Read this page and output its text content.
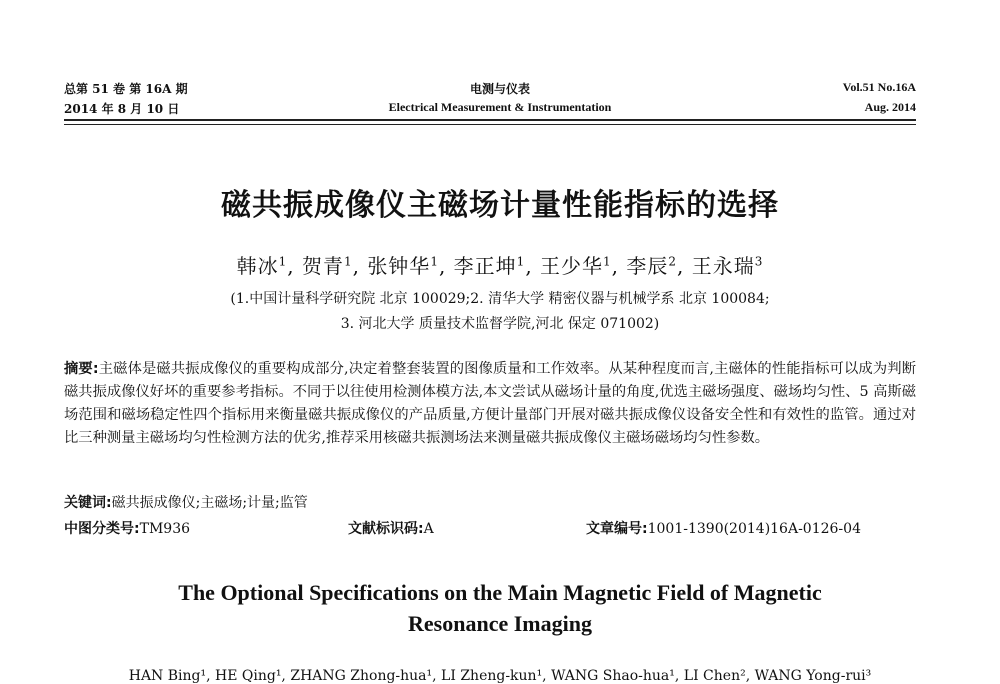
总第 51 卷 第 16A 期
2014 年 8 月 10 日
电测与仪表
Electrical Measurement & Instrumentation
Vol.51 No.16A
Aug. 2014
磁共振成像仪主磁场计量性能指标的选择
韩冰$^1$, 贺青$^1$, 张钟华$^1$, 李正坤$^1$, 王少华$^1$, 李辰$^2$, 王永瑞$^3$
(1.中国计量科学研究院 北京 100029;2. 清华大学 精密仪器与机械学系 北京 100084;
3. 河北大学 质量技术监督学院,河北 保定 071002)
摘要:主磁体是磁共振成像仪的重要构成部分,决定着整套装置的图像质量和工作效率。从某种程度而言,主磁体的性能指标可以成为判断磁共振成像仪好坏的重要参考指标。不同于以往使用检测体模方法,本文尝试从磁场计量的角度,优选主磁场强度、磁场均匀性、5 高斯磁场范围和磁场稳定性四个指标用来衡量磁共振成像仪的产品质量,方便计量部门开展对磁共振成像仪设备安全性和有效性的监管。通过对比三种测量主磁场均匀性检测方法的优劣,推荐采用核磁共振测场法来测量磁共振成像仪主磁场磁场均匀性参数。
关键词:磁共振成像仪;主磁场;计量;监管
中图分类号:TM936	文献标识码:A	文章编号:1001-1390(2014)16A-0126-04
The Optional Specifications on the Main Magnetic Field of Magnetic
Resonance Imaging
HAN Bing¹, HE Qing¹, ZHANG Zhong-hua¹, LI Zheng-kun¹, WANG Shao-hua¹, LI Chen², WANG Yong-rui³
